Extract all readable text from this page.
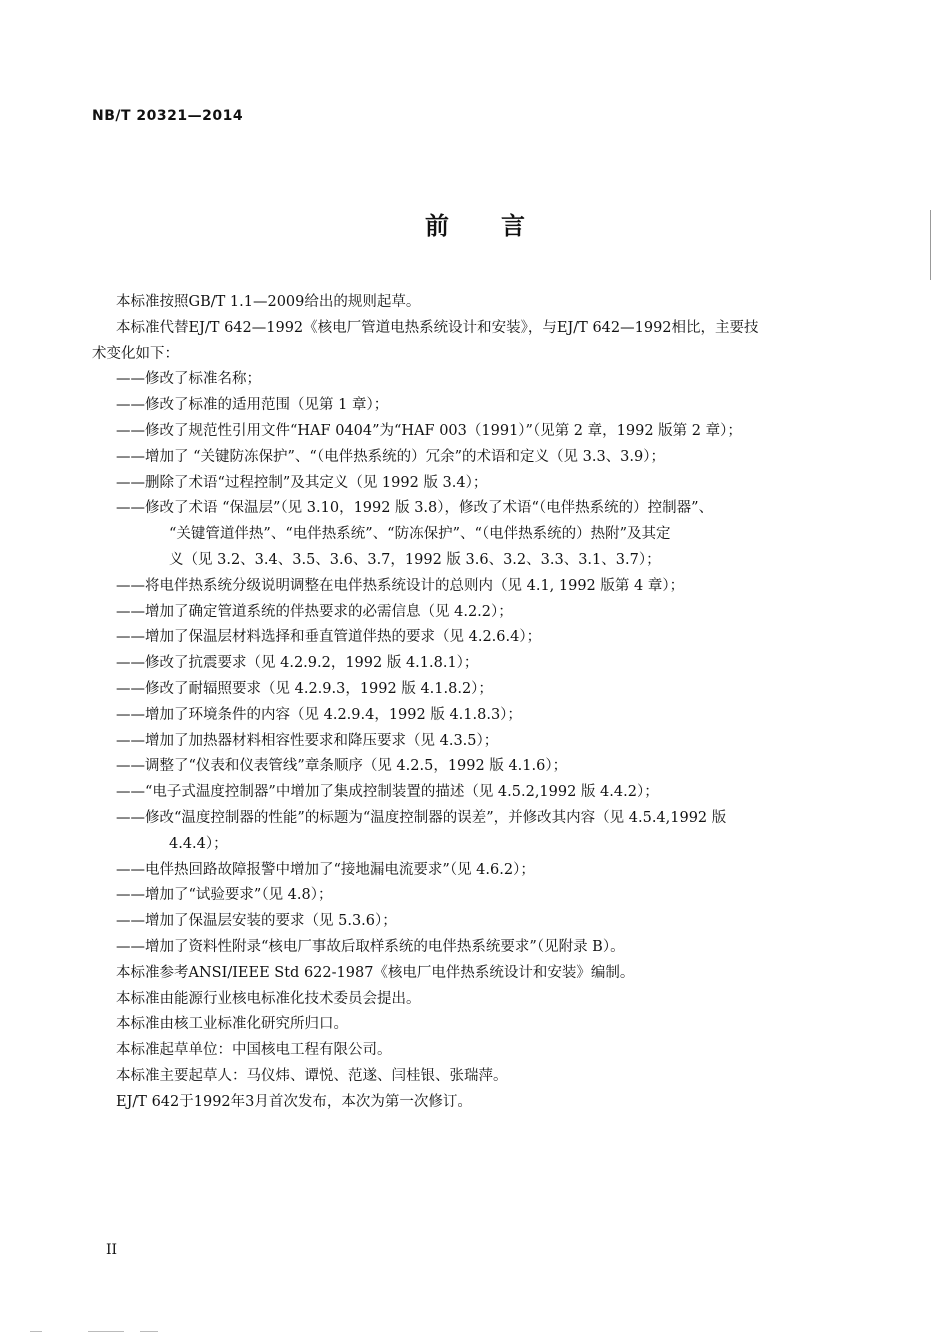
NB/T 20321—2014
前言
本标准按照GB/T 1.1—2009给出的规则起草。
本标准代替EJ/T 642—1992《核电厂管道电热系统设计和安装》，与EJ/T 642—1992相比，主要技
术变化如下：
——修改了标准名称；
——修改了标准的适用范围（见第 1 章）；
——修改了规范性引用文件“HAF 0404”为“HAF 003（1991）”（见第 2 章，1992 版第 2 章）；
——增加了 “关键防冻保护”、“（电伴热系统的）冗余”的术语和定义（见 3.3、3.9）；
——删除了术语“过程控制”及其定义（见 1992 版 3.4）；
——修改了术语 “保温层”（见 3.10，1992 版 3.8），修改了术语“（电伴热系统的）控制器”、
“关键管道伴热”、“电伴热系统”、“防冻保护”、“（电伴热系统的）热附”及其定
义（见 3.2、3.4、3.5、3.6、3.7，1992 版 3.6、3.2、3.3、3.1、3.7）；
——将电伴热系统分级说明调整在电伴热系统设计的总则内（见 4.1, 1992 版第 4 章）；
——增加了确定管道系统的伴热要求的必需信息（见 4.2.2）；
——增加了保温层材料选择和垂直管道伴热的要求（见 4.2.6.4）；
——修改了抗震要求（见 4.2.9.2，1992 版 4.1.8.1）；
——修改了耐辐照要求（见 4.2.9.3，1992 版 4.1.8.2）；
——增加了环境条件的内容（见 4.2.9.4，1992 版 4.1.8.3）；
——增加了加热器材料相容性要求和降压要求（见 4.3.5）；
——调整了“仪表和仪表管线”章条顺序（见 4.2.5，1992 版 4.1.6）；
——“电子式温度控制器”中增加了集成控制装置的描述（见 4.5.2,1992 版 4.4.2）；
——修改“温度控制器的性能”的标题为“温度控制器的误差”，并修改其内容（见 4.5.4,1992 版
4.4.4）；
——电伴热回路故障报警中增加了“接地漏电流要求”（见 4.6.2）；
——增加了“试验要求”（见 4.8）；
——增加了保温层安装的要求（见 5.3.6）；
——增加了资料性附录“核电厂事故后取样系统的电伴热系统要求”（见附录 B）。
本标准参考ANSI/IEEE Std 622-1987《核电厂电伴热系统设计和安装》编制。
本标准由能源行业核电标准化技术委员会提出。
本标准由核工业标准化研究所归口。
本标准起草单位：中国核电工程有限公司。
本标准主要起草人：马仪炜、谭悦、范遂、闫桂银、张瑞萍。
EJ/T 642于1992年3月首次发布，本次为第一次修订。
II
